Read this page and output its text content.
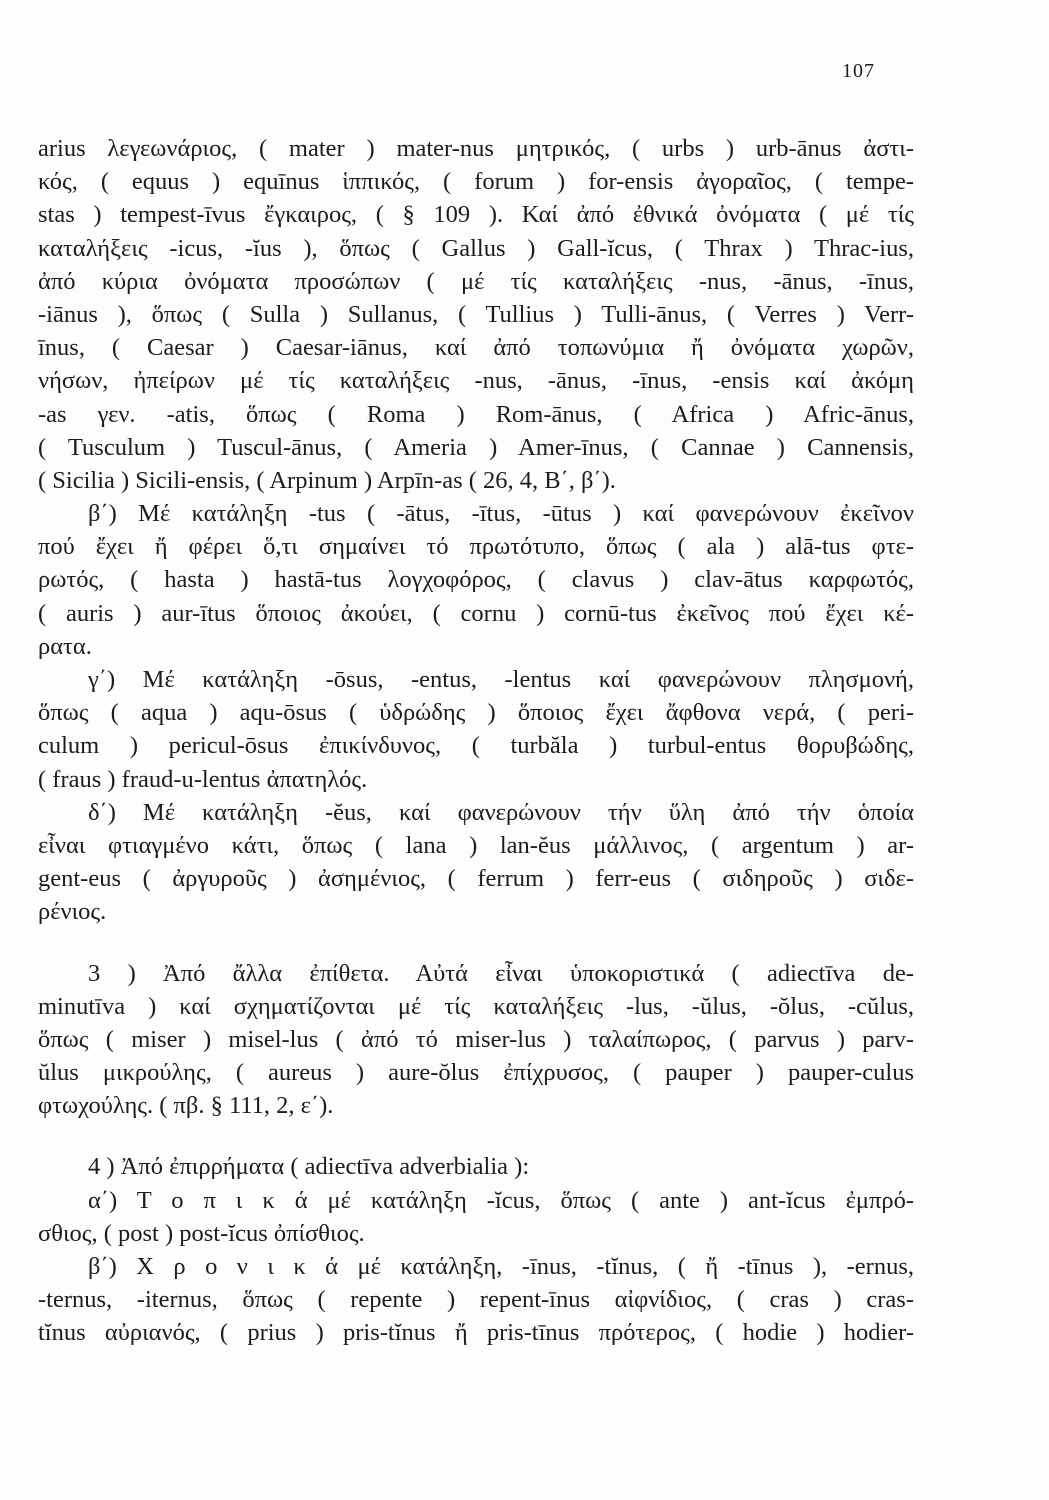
107
arius λεγεωνάριος, ( mater ) mater-nus μητρικός, ( urbs ) urb-ānus ἀστι-
κός, ( equus ) equīnus ἱππικός, ( forum ) for-ensis ἀγοραῖος, ( tempe-
stas ) tempest-īvus ἔγκαιρος, ( § 109 ). Καί ἀπό ἐθνικά ὀνόματα ( μέ τίς
καταλήξεις -icus, -ĭus ), ὅπως ( Gallus ) Gall-ĭcus, ( Thrax ) Thrac-ius,
ἀπό κύρια ὀνόματα προσώπων ( μέ τίς καταλήξεις -nus, -ānus, -īnus,
-iānus ), ὅπως ( Sulla ) Sullanus, ( Tullius ) Tulli-ānus, ( Verres ) Verr-
īnus, ( Caesar ) Caesar-iānus, καί ἀπό τοπωνύμια ἤ ὀνόματα χωρῶν,
νήσων, ἠπείρων μέ τίς καταλήξεις -nus, -ānus, -īnus, -ensis καί ἀκόμη
-as γεν. -atis, ὅπως ( Roma ) Rom-ānus, ( Africa ) Afric-ānus,
( Tusculum ) Tuscul-ānus, ( Ameria ) Amer-īnus, ( Cannae ) Cannensis,
( Sicilia ) Sicili-ensis, ( Arpinum ) Arpīn-as ( 26, 4, Β΄, β΄).
β΄) Μέ κατάληξη -tus ( -ātus, -ītus, -ūtus ) καί φανερώνουν ἐκεῖνον
πού ἔχει ἤ φέρει ὅ,τι σημαίνει τό πρωτότυπο, ὅπως ( ala ) alā-tus φτε-
ρωτός, ( hasta ) hastā-tus λογχοφόρος, ( clavus ) clav-ātus καρφωτός,
( auris ) aur-ītus ὅποιος ἀκούει, ( cornu ) cornū-tus ἐκεῖνος πού ἔχει κέ-
ρατα.
γ΄) Μέ κατάληξη -ōsus, -entus, -lentus καί φανερώνουν πλησμονή,
ὅπως ( aqua ) aqu-ōsus ( ὑδρώδης ) ὅποιος ἔχει ἄφθονα νερά, ( peri-
culum ) pericul-ōsus ἐπικίνδυνος, ( turbăla ) turbul-entus θορυβώδης,
( fraus ) fraud-u-lentus ἀπατηλός.
δ΄) Μέ κατάληξη -ĕus, καί φανερώνουν τήν ὕλη ἀπό τήν ὁποία
εἶναι φτιαγμένο κάτι, ὅπως ( lana ) lan-ĕus μάλλινος, ( argentum ) ar-
gent-eus ( ἀργυροῦς ) ἀσημένιος, ( ferrum ) ferr-eus ( σιδηροῦς ) σιδε-
ρένιος.
3 ) Ἀπό ἄλλα ἐπίθετα. Αὐτά εἶναι ὑποκοριστικά ( adiectīva de-
minutīva ) καί σχηματίζονται μέ τίς καταλήξεις -lus, -ŭlus, -ŏlus, -cŭlus,
ὅπως ( miser ) misel-lus ( ἀπό τό miser-lus ) ταλαίπωρος, ( parvus ) parv-
ŭlus μικρούλης, ( aureus ) aure-ŏlus ἐπίχρυσος, ( pauper ) pauper-culus
φτωχούλης. ( πβ. § 111, 2, ε΄).
4 ) Ἀπό ἐπιρρήματα ( adiectīva adverbialia ):
α΄) Τ ο π ι κ ά μέ κατάληξη -ĭcus, ὅπως ( ante ) ant-ĭcus ἐμπρό-
σθιος, ( post ) post-ĭcus ὀπίσθιος.
β΄) Χ ρ ο ν ι κ ά μέ κατάληξη, -īnus, -tĭnus, ( ἤ -tīnus ), -ernus,
-ternus, -iternus, ὅπως ( repente ) repent-īnus αἰφνίδιος, ( cras ) cras-
tĭnus αὐριανός, ( prius ) pris-tĭnus ἤ pris-tīnus πρότερος, ( hodie ) hodier-
